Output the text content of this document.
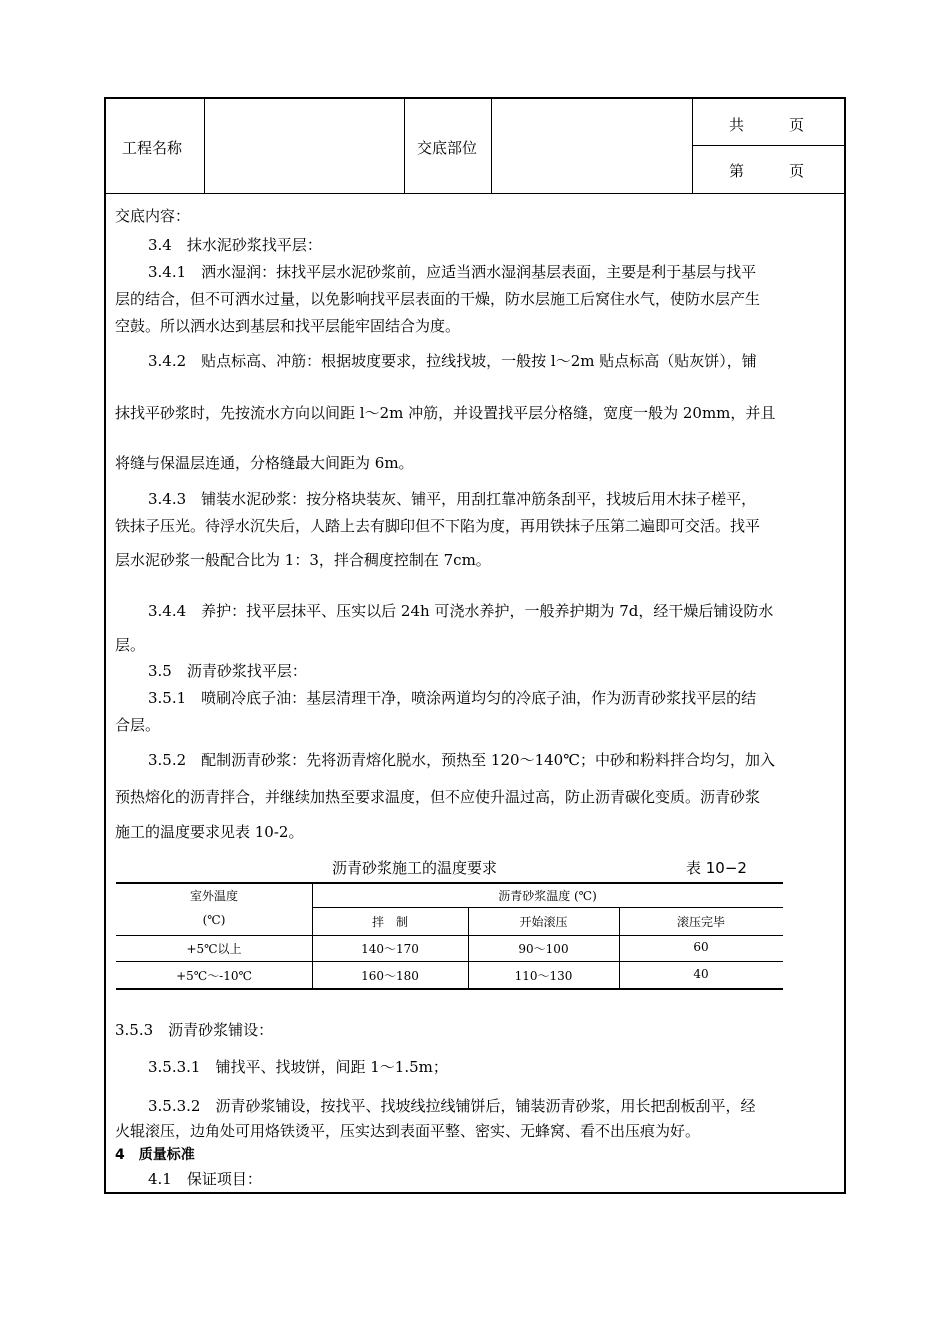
工程名称	交底部位
共　　　页
第　　　页
交底内容：
3.4　抹水泥砂浆找平层：
3.4.1　洒水湿润：抹找平层水泥砂浆前，应适当洒水湿润基层表面，主要是利于基层与找平
层的结合，但不可洒水过量，以免影响找平层表面的干燥，防水层施工后窝住水气，使防水层产生
空鼓。所以洒水达到基层和找平层能牢固结合为度。
3.4.2　贴点标高、冲筋：根据坡度要求，拉线找坡，一般按 l～2m 贴点标高（贴灰饼），铺
抹找平砂浆时，先按流水方向以间距 l～2m 冲筋，并设置找平层分格缝，宽度一般为 20mm，并且
将缝与保温层连通，分格缝最大间距为 6m。
3.4.3　铺装水泥砂浆：按分格块装灰、铺平，用刮扛靠冲筋条刮平，找坡后用木抹子槎平，
铁抹子压光。待浮水沉失后，人踏上去有脚印但不下陷为度，再用铁抹子压第二遍即可交活。找平
层水泥砂浆一般配合比为 1：3，拌合稠度控制在 7cm。
3.4.4　养护：找平层抹平、压实以后 24h 可浇水养护，一般养护期为 7d，经干燥后铺设防水
层。
3.5　沥青砂浆找平层：
3.5.1　喷刷冷底子油：基层清理干净，喷涂两道均匀的冷底子油，作为沥青砂浆找平层的结
合层。
3.5.2　配制沥青砂浆：先将沥青熔化脱水，预热至 120～140℃；中砂和粉料拌合均匀，加入
预热熔化的沥青拌合，并继续加热至要求温度，但不应使升温过高，防止沥青碳化变质。沥青砂浆
施工的温度要求见表 10-2。
沥青砂浆施工的温度要求	表 10−2
室外温度
(℃)
沥青砂浆温度 (℃)
拌　制	开始滚压	滚压完毕
+5℃以上	140～170	90～100	60
+5℃～-10℃	160～180	110～130	40
3.5.3　沥青砂浆铺设：
3.5.3.1　铺找平、找坡饼，间距 1～1.5m；
3.5.3.2　沥青砂浆铺设，按找平、找坡线拉线铺饼后，铺装沥青砂浆，用长把刮板刮平，经
火辊滚压，边角处可用烙铁烫平，压实达到表面平整、密实、无蜂窝、看不出压痕为好。
4　质量标准
4.1　保证项目：
